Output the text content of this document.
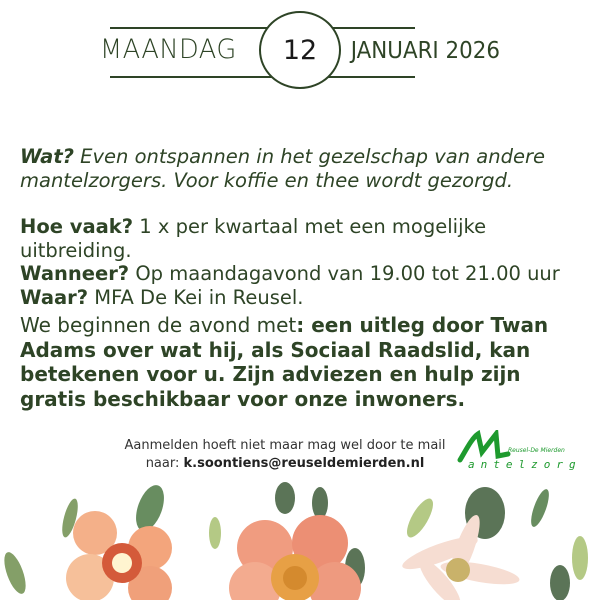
MAANDAG 12 JANUARI 2026
Wat? Even ontspannen in het gezelschap van andere mantelzorgers. Voor koffie en thee wordt gezorgd.
Hoe vaak? 1 x per kwartaal met een mogelijke uitbreiding.
Wanneer? Op maandagavond van 19.00 tot 21.00 uur
Waar? MFA De Kei in Reusel.
We beginnen de avond met: een uitleg door Twan Adams over wat hij, als Sociaal Raadslid, kan betekenen voor u. Zijn adviezen en hulp zijn gratis beschikbaar voor onze inwoners.
Aanmelden hoeft niet maar mag wel door te mail
naar: k.soontiens@reuseldemierden.nl
Reusel-De Mierden
antelzorg
